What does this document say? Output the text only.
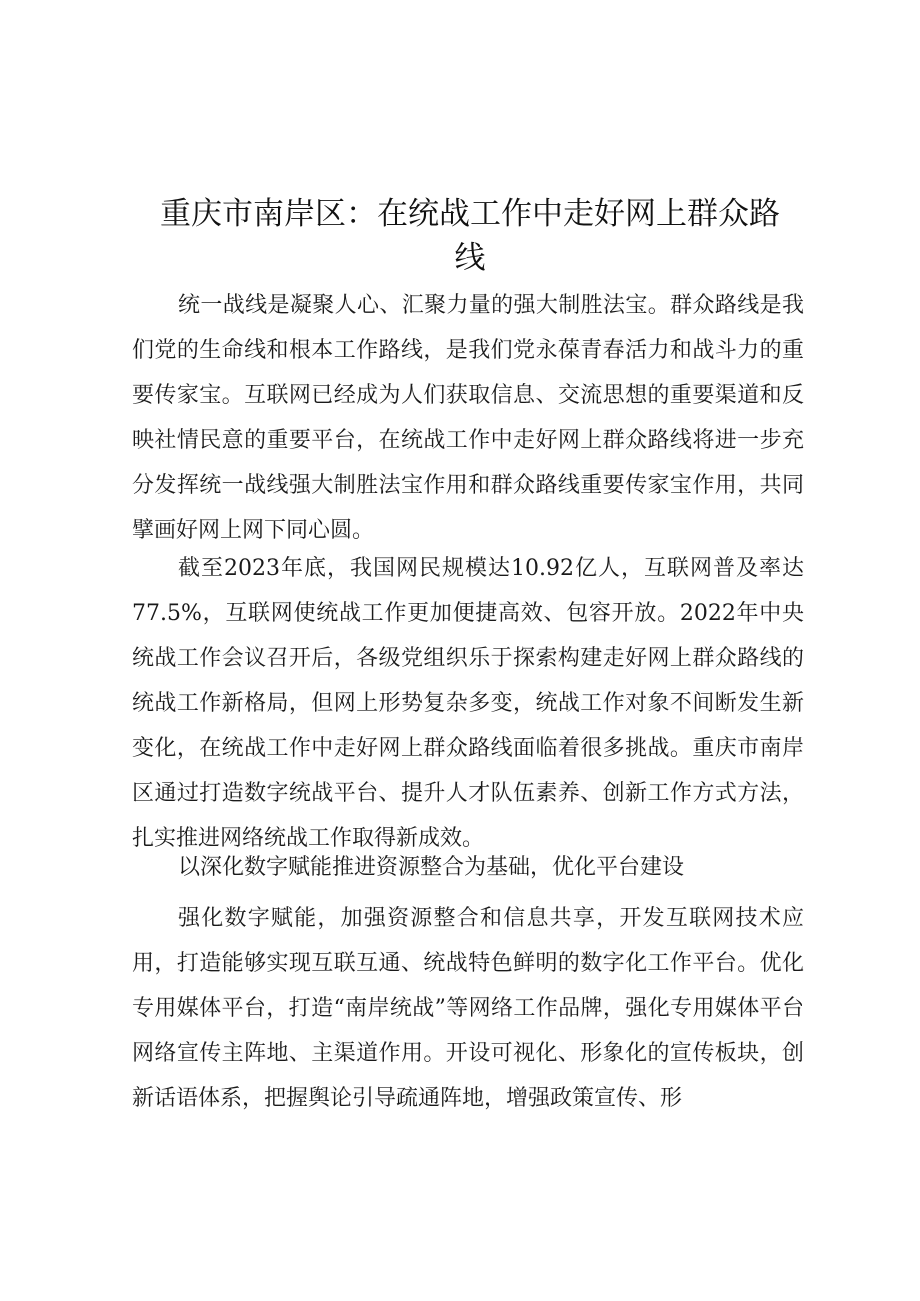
重庆市南岸区：在统战工作中走好网上群众路
线

统一战线是凝聚人心、汇聚力量的强大制胜法宝。群众路线是我们党的生命线和根本工作路线，是我们党永葆青春活力和战斗力的重要传家宝。互联网已经成为人们获取信息、交流思想的重要渠道和反映社情民意的重要平台，在统战工作中走好网上群众路线将进一步充分发挥统一战线强大制胜法宝作用和群众路线重要传家宝作用，共同擘画好网上网下同心圆。

截至2023年底，我国网民规模达10.92亿人，互联网普及率达77.5%，互联网使统战工作更加便捷高效、包容开放。2022年中央统战工作会议召开后，各级党组织乐于探索构建走好网上群众路线的统战工作新格局，但网上形势复杂多变，统战工作对象不间断发生新变化，在统战工作中走好网上群众路线面临着很多挑战。重庆市南岸区通过打造数字统战平台、提升人才队伍素养、创新工作方式方法，扎实推进网络统战工作取得新成效。

以深化数字赋能推进资源整合为基础，优化平台建设

强化数字赋能，加强资源整合和信息共享，开发互联网技术应用，打造能够实现互联互通、统战特色鲜明的数字化工作平台。优化专用媒体平台，打造“南岸统战”等网络工作品牌，强化专用媒体平台网络宣传主阵地、主渠道作用。开设可视化、形象化的宣传板块，创新话语体系，把握舆论引导疏通阵地，增强政策宣传、形
